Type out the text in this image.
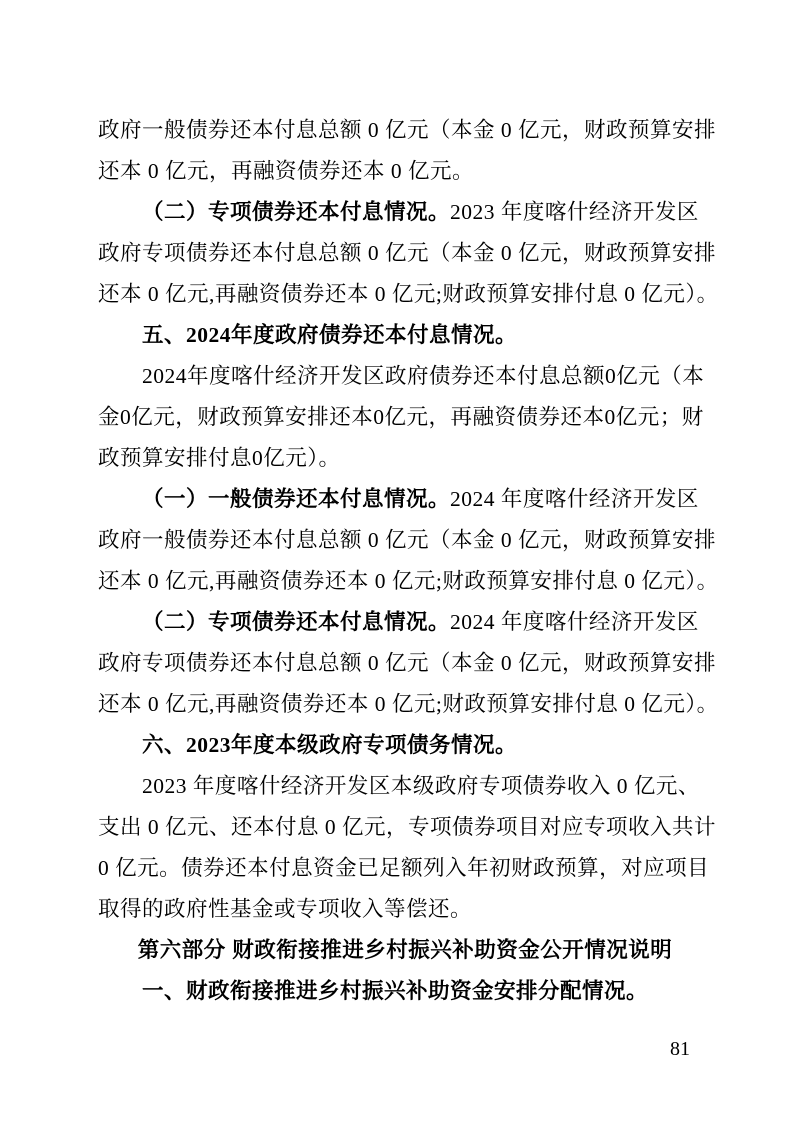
政府一般债券还本付息总额 0 亿元（本金 0 亿元，财政预算安排
还本 0 亿元，再融资债券还本 0 亿元。
（二）专项债券还本付息情况。2023 年度喀什经济开发区
政府专项债券还本付息总额 0 亿元（本金 0 亿元，财政预算安排
还本 0 亿元,再融资债券还本 0 亿元;财政预算安排付息 0 亿元）。
五、2024年度政府债券还本付息情况。
2024年度喀什经济开发区政府债券还本付息总额0亿元（本
金0亿元，财政预算安排还本0亿元，再融资债券还本0亿元；财
政预算安排付息0亿元）。
（一）一般债券还本付息情况。2024 年度喀什经济开发区
政府一般债券还本付息总额 0 亿元（本金 0 亿元，财政预算安排
还本 0 亿元,再融资债券还本 0 亿元;财政预算安排付息 0 亿元）。
（二）专项债券还本付息情况。2024 年度喀什经济开发区
政府专项债券还本付息总额 0 亿元（本金 0 亿元，财政预算安排
还本 0 亿元,再融资债券还本 0 亿元;财政预算安排付息 0 亿元）。
六、2023年度本级政府专项债务情况。
2023 年度喀什经济开发区本级政府专项债券收入 0 亿元、
支出 0 亿元、还本付息 0 亿元，专项债券项目对应专项收入共计
0 亿元。债券还本付息资金已足额列入年初财政预算，对应项目
取得的政府性基金或专项收入等偿还。
第六部分 财政衔接推进乡村振兴补助资金公开情况说明
一、财政衔接推进乡村振兴补助资金安排分配情况。
81
